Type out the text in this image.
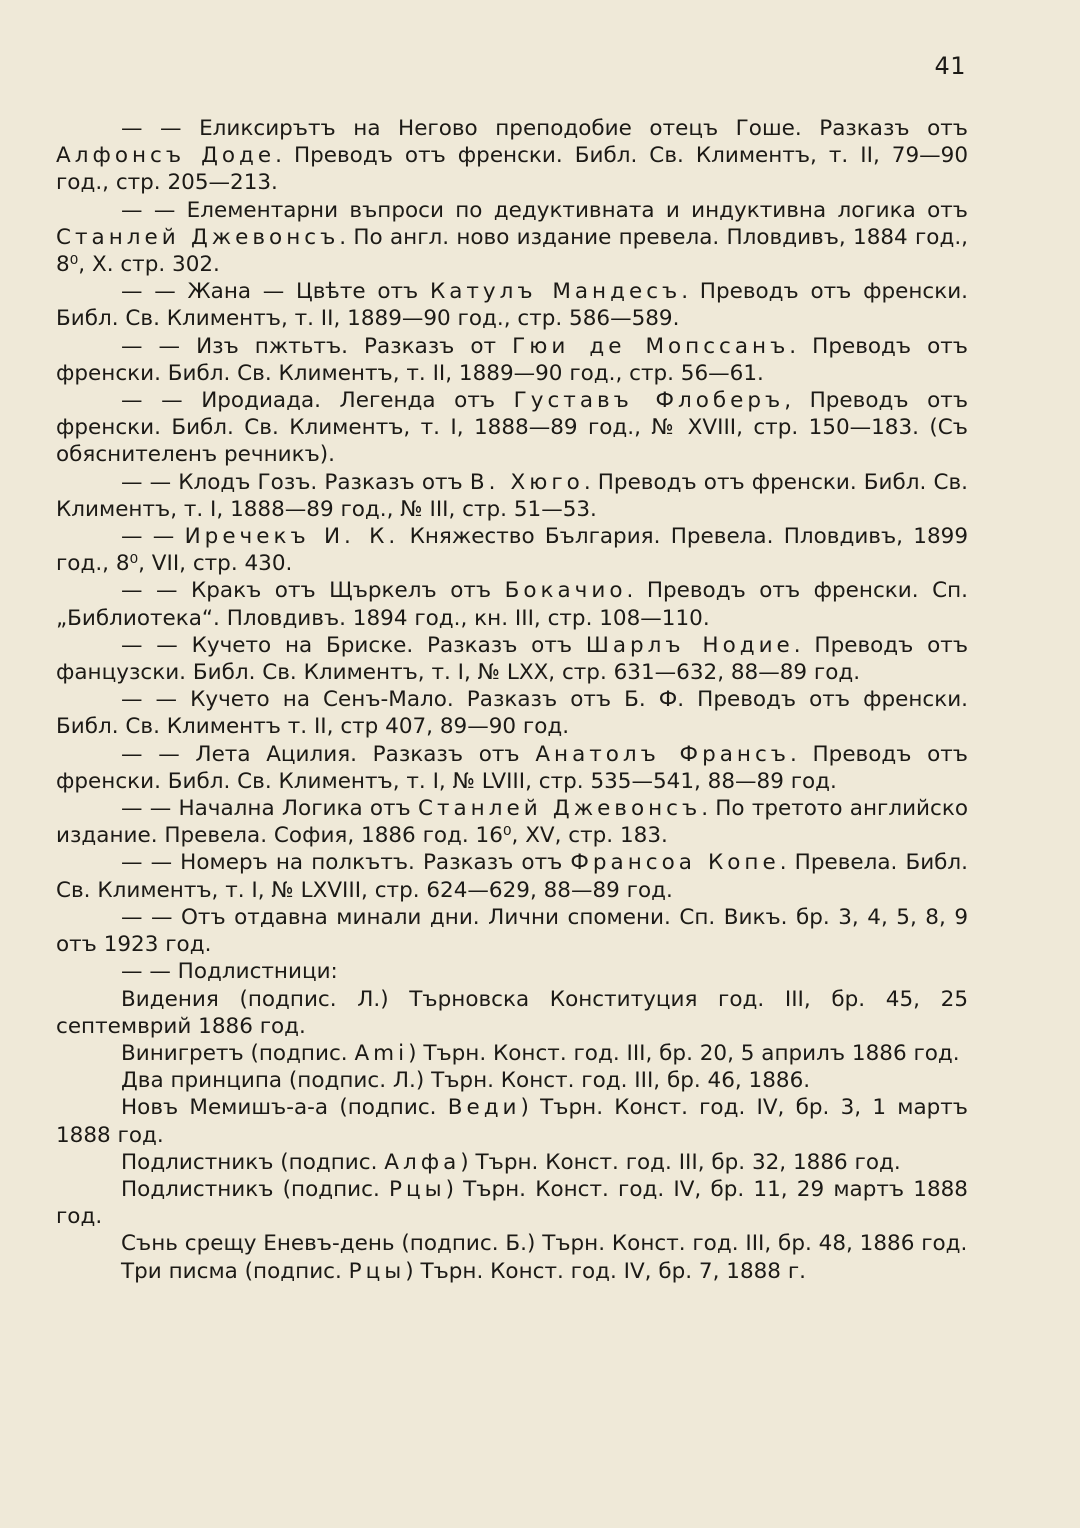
41

— — Еликсирътъ на Негово преподобие отецъ Гоше. Разказъ отъ Алфонсъ Доде. Преводъ отъ френски. Библ. Св. Климентъ, т. II, 79—90 год., стр. 205—213.

— — Елементарни въпроси по дедуктивната и индуктивна логика отъ Станлей Джевонсъ. По англ. ново издание превела. Пловдивъ, 1884 год., 8⁰, X. стр. 302.

— — Жана — Цвѣте отъ Катулъ Мандесъ. Преводъ отъ френски. Библ. Св. Климентъ, т. II, 1889—90 год., стр. 586—589.

— — Изъ пжтьтъ. Разказъ от Гюи де Мопсcанъ. Преводъ отъ френски. Библ. Св. Климентъ, т. II, 1889—90 год., стр. 56—61.

— — Иродиада. Легенда отъ Густавъ Флоберъ, Преводъ отъ френски. Библ. Св. Климентъ, т. I, 1888—89 год., № XVIII, стр. 150—183. (Съ обяснителенъ речникъ).

— — Клодъ Гозъ. Разказъ отъ В. Хюго. Преводъ отъ френски. Библ. Св. Климентъ, т. I, 1888—89 год., № III, стр. 51—53.

— — Иречекъ И. К. Княжество България. Превела. Пловдивъ, 1899 год., 8⁰, VII, стр. 430.

— — Кракъ отъ Щъркелъ отъ Бокачио. Преводъ отъ френски. Сп. „Библиотека“. Пловдивъ. 1894 год., кн. III, стр. 108—110.

— — Кучето на Бриске. Разказъ отъ Шарлъ Нодие. Преводъ отъ фанцузски. Библ. Св. Климентъ, т. I, № LXX, стр. 631—632, 88—89 год.

— — Кучето на Сенъ-Мало. Разказъ отъ Б. Ф. Преводъ отъ френски. Библ. Св. Климентъ т. II, стр 407, 89—90 год.

— — Лета Ацилия. Разказъ отъ Анатолъ Франсъ. Преводъ отъ френски. Библ. Св. Климентъ, т. I, № LVIII, стр. 535—541, 88—89 год.

— — Начална Логика отъ Станлей Джевонсъ. По третото английско издание. Превела. София, 1886 год. 16⁰, XV, стр. 183.

— — Номеръ на полкътъ. Разказъ отъ Франсоа Копе. Превела. Библ. Св. Климентъ, т. I, № LXVIII, стр. 624—629, 88—89 год.

— — Отъ отдавна минали дни. Лични спомени. Сп. Викъ. бр. 3, 4, 5, 8, 9 отъ 1923 год.

— — Подлистници:

Видения (подпис. Л.) Търновска Конституция год. III, бр. 45, 25 септемврий 1886 год.

Винигретъ (подпис. Ami) Търн. Конст. год. III, бр. 20, 5 априлъ 1886 год.

Два принципа (подпис. Л.) Търн. Конст. год. III, бр. 46, 1886.

Новъ Мемишъ-а-а (подпис. Веди) Търн. Конст. год. IV, бр. 3, 1 мартъ 1888 год.

Подлистникъ (подпис. Алфа) Търн. Конст. год. III, бр. 32, 1886 год.

Подлистникъ (подпис. Рцы) Търн. Конст. год. IV, бр. 11, 29 мартъ 1888 год.

Сънь срещу Еневъ-день (подпис. Б.) Търн. Конст. год. III, бр. 48, 1886 год.

Три писма (подпис. Рцы) Търн. Конст. год. IV, бр. 7, 1888 г.
